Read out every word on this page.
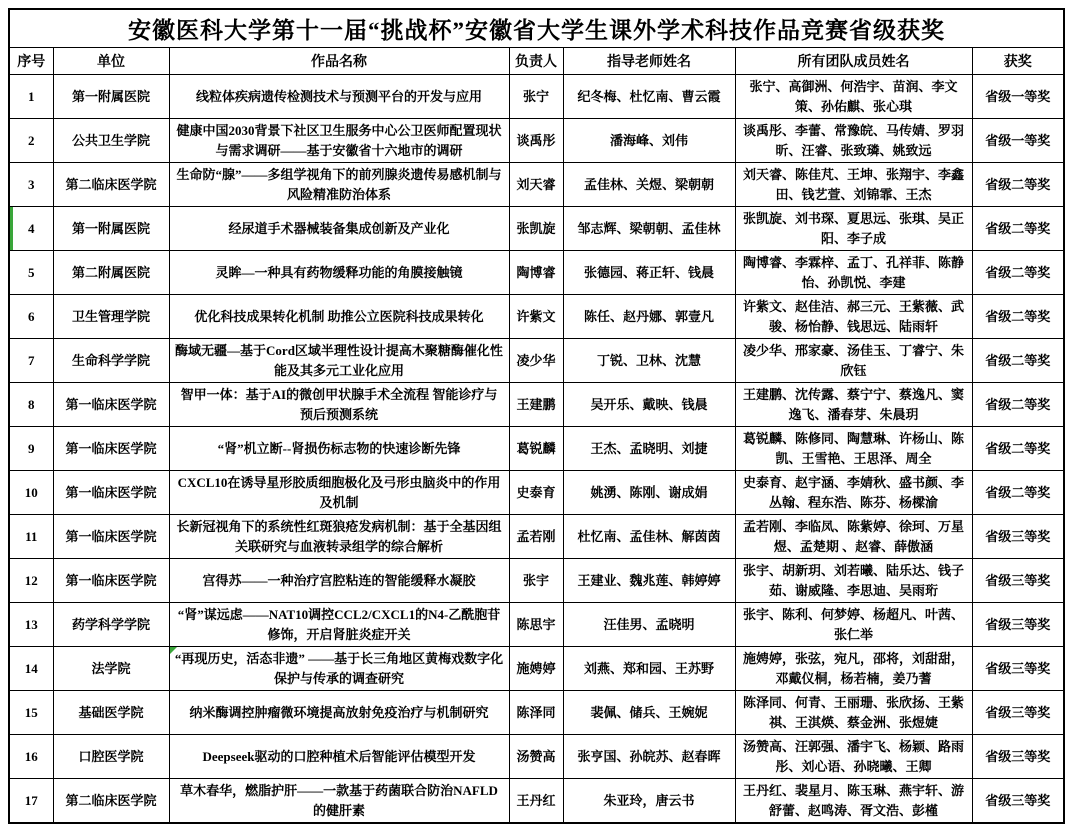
安徽医科大学第十一届“挑战杯”安徽省大学生课外学术科技作品竞赛省级获奖						
序号	单位	作品名称	负责人	指导老师姓名	所有团队成员姓名	获奖
1	第一附属医院	线粒体疾病遗传检测技术与预测平台的开发与应用	张宁	纪冬梅、杜忆南、曹云霞	张宁、高御洲、何浩宇、苗润、李文策、孙佑麒、张心琪	省级一等奖
2	公共卫生学院	健康中国2030背景下社区卫生服务中心公卫医师配置现状与需求调研——基于安徽省十六地市的调研	谈禹彤	潘海峰、刘伟	谈禹彤、李蕾、常豫皖、马传婧、罗羽昕、汪睿、张致璘、姚致远	省级一等奖
3	第二临床医学院	生命防“腺”——多组学视角下的前列腺炎遗传易感机制与风险精准防治体系	刘天睿	孟佳林、关煜、梁朝朝	刘天睿、陈佳芃、王坤、张翔宇、李鑫田、钱艺萱、刘锦霏、王杰	省级二等奖
4	第一附属医院	经尿道手术器械装备集成创新及产业化	张凯旋	邹志辉、梁朝朝、孟佳林	张凯旋、刘书琛、夏思远、张琪、吴正阳、李子成	省级二等奖
5	第二附属医院	灵眸—一种具有药物缓释功能的角膜接触镜	陶博睿	张德园、蒋正轩、钱晨	陶博睿、李霖梓、孟丁、孔祥菲、陈静怡、孙凯悦、李建	省级二等奖
6	卫生管理学院	优化科技成果转化机制 助推公立医院科技成果转化	许紫文	陈任、赵丹娜、郭壹凡	许紫文、赵佳洁、郝三元、王紫薇、武骏、杨怡静、钱思远、陆雨轩	省级二等奖
7	生命科学学院	酶域无疆—基于Cord区域半理性设计提高木聚糖酶催化性能及其多元工业化应用	凌少华	丁锐、卫林、沈慧	凌少华、邢家豪、汤佳玉、丁睿宁、朱欣钰	省级二等奖
8	第一临床医学院	智甲一体：基于AI的微创甲状腺手术全流程 智能诊疗与预后预测系统	王建鹏	吴开乐、戴映、钱晨	王建鹏、沈传露、蔡宁宁、蔡逸凡、窦逸飞、潘春芽、朱晨玥	省级二等奖
9	第一临床医学院	“肾”机立断--肾损伤标志物的快速诊断先锋	葛锐麟	王杰、孟晓明、刘捷	葛锐麟、陈修同、陶慧琳、许杨山、陈凯、王雪艳、王思泽、周全	省级二等奖
10	第一临床医学院	CXCL10在诱导星形胶质细胞极化及弓形虫脑炎中的作用及机制	史泰育	姚湧、陈刚、谢成娟	史泰育、赵宇涵、李婧秋、盛书颜、李丛翰、程东浩、陈芬、杨樑渝	省级二等奖
11	第一临床医学院	长新冠视角下的系统性红斑狼疮发病机制：基于全基因组关联研究与血液转录组学的综合解析	孟若刚	杜忆南、孟佳林、解茵茵	孟若刚、李临凤、陈紫婷、徐珂、万星煜、孟楚期 、赵睿、薛傲涵	省级三等奖
12	第一临床医学院	宫得苏——一种治疗宫腔粘连的智能缓释水凝胶	张宇	王建业、魏兆莲、韩婷婷	张宇、胡新玥、刘若曦、陆乐达、钱子茹、谢威隆、李思迪、吴雨珩	省级三等奖
13	药学科学学院	“肾”谋远虑——NAT10调控CCL2/CXCL1的N4-乙酰胞苷修饰，开启肾脏炎症开关	陈思宇	汪佳男、孟晓明	张宇、陈利、何梦婷、杨超凡、叶茜、张仁举	省级三等奖
14	法学院	“再现历史，活态非遗” ——基于长三角地区黄梅戏数字化保护与传承的调查研究	施娉婷	刘燕、郑和园、王苏野	施娉婷，张弦，宛凡，邵将，刘甜甜，邓戴仪桐，杨若楠，姜乃蓍	省级三等奖
15	基础医学院	纳米酶调控肿瘤微环境提高放射免疫治疗与机制研究	陈泽同	裴佩、储兵、王婉妮	陈泽同、何青、王丽珊、张欣扬、王紫祺、王淇煐、蔡金洲、张煜婕	省级三等奖
16	口腔医学院	Deepseek驱动的口腔种植术后智能评估模型开发	汤赞高	张亨国、孙皖苏、赵春晖	汤赞高、汪郭强、潘宇飞、杨颖、路雨彤、刘心语、孙晓曦、王卿	省级三等奖
17	第二临床医学院	草木春华，燃脂护肝——一款基于药菌联合防治NAFLD的健肝素	王丹红	朱亚玲，唐云书	王丹红、裴星月、陈玉琳、燕宇轩、游舒蕾、赵鸣涛、胥文浩、彭槿	省级三等奖
